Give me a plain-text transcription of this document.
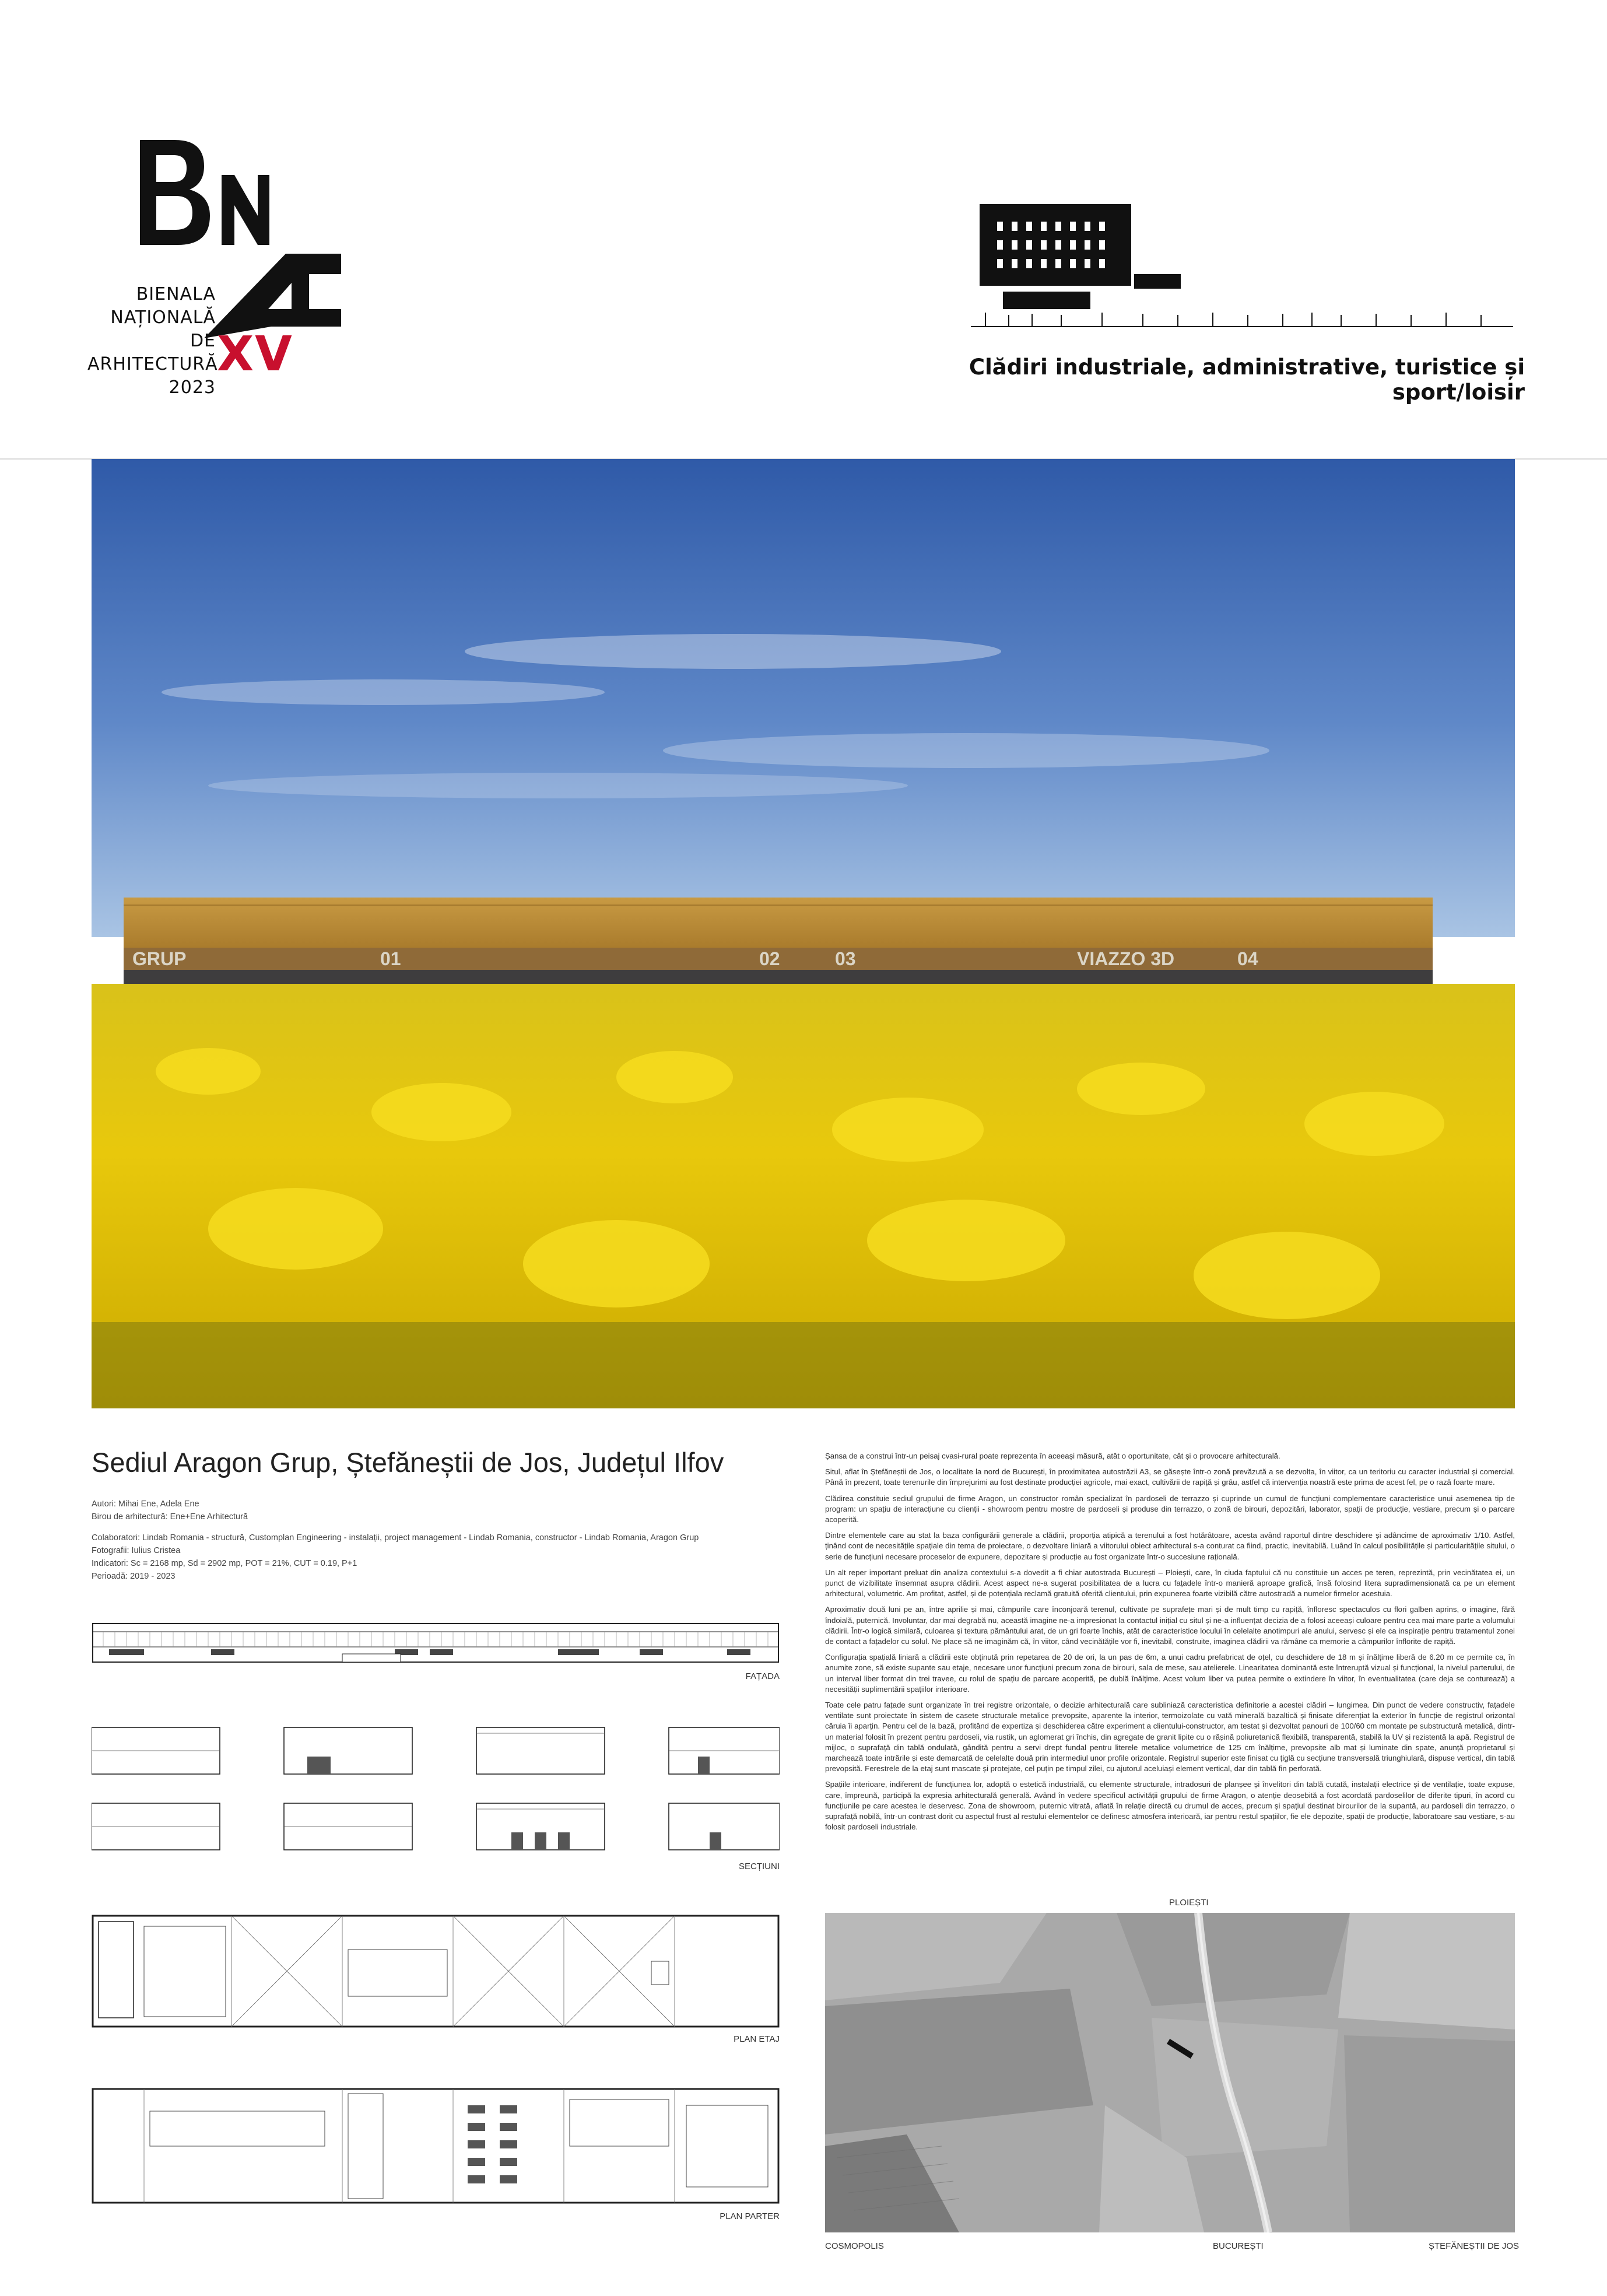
BIENALA
NAȚIONALĂ
DE
ARHITECTURĂ
2023
XV	Clădiri industriale, administrative, turistice și sport/loisir
GRUP	01	02	03	VIAZZO 3D	04
Sediul Aragon Grup, Ștefăneștii de Jos, Județul Ilfov
Autori: Mihai Ene, Adela Ene
Birou de arhitectură: Ene+Ene Arhitectură
Colaboratori: Lindab Romania - structură, Customplan Engineering - instalații, project management - Lindab Romania, constructor - Lindab Romania, Aragon Grup
Fotografii: Iulius Cristea
Indicatori: Sc = 2168 mp, Sd = 2902 mp, POT = 21%, CUT = 0.19, P+1
Perioadă: 2019 - 2023
FAȚADA
SECȚIUNI
PLAN ETAJ
PLAN PARTER

Șansa de a construi într-un peisaj cvasi-rural poate reprezenta în aceeași măsură, atât o oportunitate, cât și o provocare arhitecturală.

Situl, aflat în Ștefăneștii de Jos, o localitate la nord de București, în proximitatea autostrăzii A3, se găsește într-o zonă prevăzută a se dezvolta, în viitor, ca un teritoriu cu caracter industrial și comercial. Până în prezent, toate terenurile din împrejurimi au fost destinate producției agricole, mai exact, cultivării de rapiță și grâu, astfel că intervenția noastră este prima de acest fel, pe o rază foarte mare.

Clădirea constituie sediul grupului de firme Aragon, un constructor român specializat în pardoseli de terrazzo și cuprinde un cumul de funcțiuni complementare caracteristice unui asemenea tip de program: un spațiu de interacțiune cu clienții - showroom pentru mostre de pardoseli și produse din terrazzo, o zonă de birouri, depozitări, laborator, spații de producție, vestiare, precum și o parcare acoperită.

Dintre elementele care au stat la baza configurării generale a clădirii, proporția atipică a terenului a fost hotărâtoare, acesta având raportul dintre deschidere și adâncime de aproximativ 1/10. Astfel, ținând cont de necesitățile spațiale din tema de proiectare, o dezvoltare liniară a viitorului obiect arhitectural s-a conturat ca fiind, practic, inevitabilă. Luând în calcul posibilitățile și particularitățile sitului, o serie de funcțiuni necesare proceselor de expunere, depozitare și producție au fost organizate într-o succesiune rațională.

Un alt reper important preluat din analiza contextului s-a dovedit a fi chiar autostrada București – Ploiești, care, în ciuda faptului că nu constituie un acces pe teren, reprezintă, prin vecinătatea ei, un punct de vizibilitate însemnat asupra clădirii. Acest aspect ne-a sugerat posibilitatea de a lucra cu fațadele într-o manieră aproape grafică, însă folosind litera supradimensionată ca pe un element arhitectural, volumetric. Am profitat, astfel, și de potențiala reclamă gratuită oferită clientului, prin expunerea foarte vizibilă către autostradă a numelor firmelor acestuia.

Aproximativ două luni pe an, între aprilie și mai, câmpurile care înconjoară terenul, cultivate pe suprafețe mari și de mult timp cu rapiță, înfloresc spectaculos cu flori galben aprins, o imagine, fără îndoială, puternică. Involuntar, dar mai degrabă nu, această imagine ne-a impresionat la contactul inițial cu situl și ne-a influențat decizia de a folosi aceeași culoare pentru cea mai mare parte a volumului clădirii. Într-o logică similară, culoarea și textura pământului arat, de un gri foarte închis, atât de caracteristice locului în celelalte anotimpuri ale anului, servesc și ele ca inspirație pentru tratamentul zonei de contact a fațadelor cu solul. Ne place să ne imaginăm că, în viitor, când vecinătățile vor fi, inevitabil, construite, imaginea clădirii va rămâne ca memorie a câmpurilor înflorite de rapiță.

Configurația spațială liniară a clădirii este obținută prin repetarea de 20 de ori, la un pas de 6m, a unui cadru prefabricat de oțel, cu deschidere de 18 m și înălțime liberă de 6.20 m ce permite ca, în anumite zone, să existe supante sau etaje, necesare unor funcțiuni precum zona de birouri, sala de mese, sau atelierele. Linearitatea dominantă este întreruptă vizual și funcțional, la nivelul parterului, de un interval liber format din trei travee, cu rolul de spațiu de parcare acoperită, pe dublă înălțime. Acest volum liber va putea permite o extindere în viitor, în eventualitatea (care deja se conturează) a necesității suplimentării spațiilor interioare.

Toate cele patru fațade sunt organizate în trei registre orizontale, o decizie arhitecturală care subliniază caracteristica definitorie a acestei clădiri – lungimea. Din punct de vedere constructiv, fațadele ventilate sunt proiectate în sistem de casete structurale metalice prevopsite, aparente la interior, termoizolate cu vată minerală bazaltică și finisate diferențiat la exterior în funcție de registrul orizontal căruia îi aparțin. Pentru cel de la bază, profitând de expertiza și deschiderea către experiment a clientului-constructor, am testat și dezvoltat panouri de 100/60 cm montate pe substructură metalică, dintr-un material folosit în prezent pentru pardoseli, via rustik, un aglomerat gri închis, din agregate de granit lipite cu o rășină poliuretanică flexibilă, transparentă, stabilă la UV și rezistentă la apă. Registrul de mijloc, o suprafață din tablă ondulată, gândită pentru a servi drept fundal pentru literele metalice volumetrice de 125 cm înălțime, prevopsite alb mat și luminate din spate, anunță proprietarul și marchează toate intrările și este demarcată de celelalte două prin intermediul unor profile orizontale. Registrul superior este finisat cu țiglă cu secțiune transversală triunghiulară, dispuse vertical, din tablă prevopsită. Ferestrele de la etaj sunt mascate și protejate, cel puțin pe timpul zilei, cu ajutorul aceluiași element vertical, dar din tablă fin perforată.

Spațiile interioare, indiferent de funcțiunea lor, adoptă o estetică industrială, cu elemente structurale, intradosuri de planșee și învelitori din tablă cutată, instalații electrice și de ventilație, toate expuse, care, împreună, participă la expresia arhitecturală generală. Având în vedere specificul activității grupului de firme Aragon, o atenție deosebită a fost acordată pardoselilor de diferite tipuri, în acord cu funcțiunile pe care acestea le deservesc. Zona de showroom, puternic vitrată, aflată în relație directă cu drumul de acces, precum și spațiul destinat birourilor de la supantă, au pardoseli din terrazzo, o suprafață nobilă, într-un contrast dorit cu aspectul frust al restului elementelor ce definesc atmosfera interioară, iar pentru restul spațiilor, fie ele depozite, spații de producție, laboratoare sau vestiare, s-au folosit pardoseli industriale.

PLOIEȘTI
COSMOPOLIS	BUCUREȘTI	ȘTEFĂNEȘTII DE JOS
